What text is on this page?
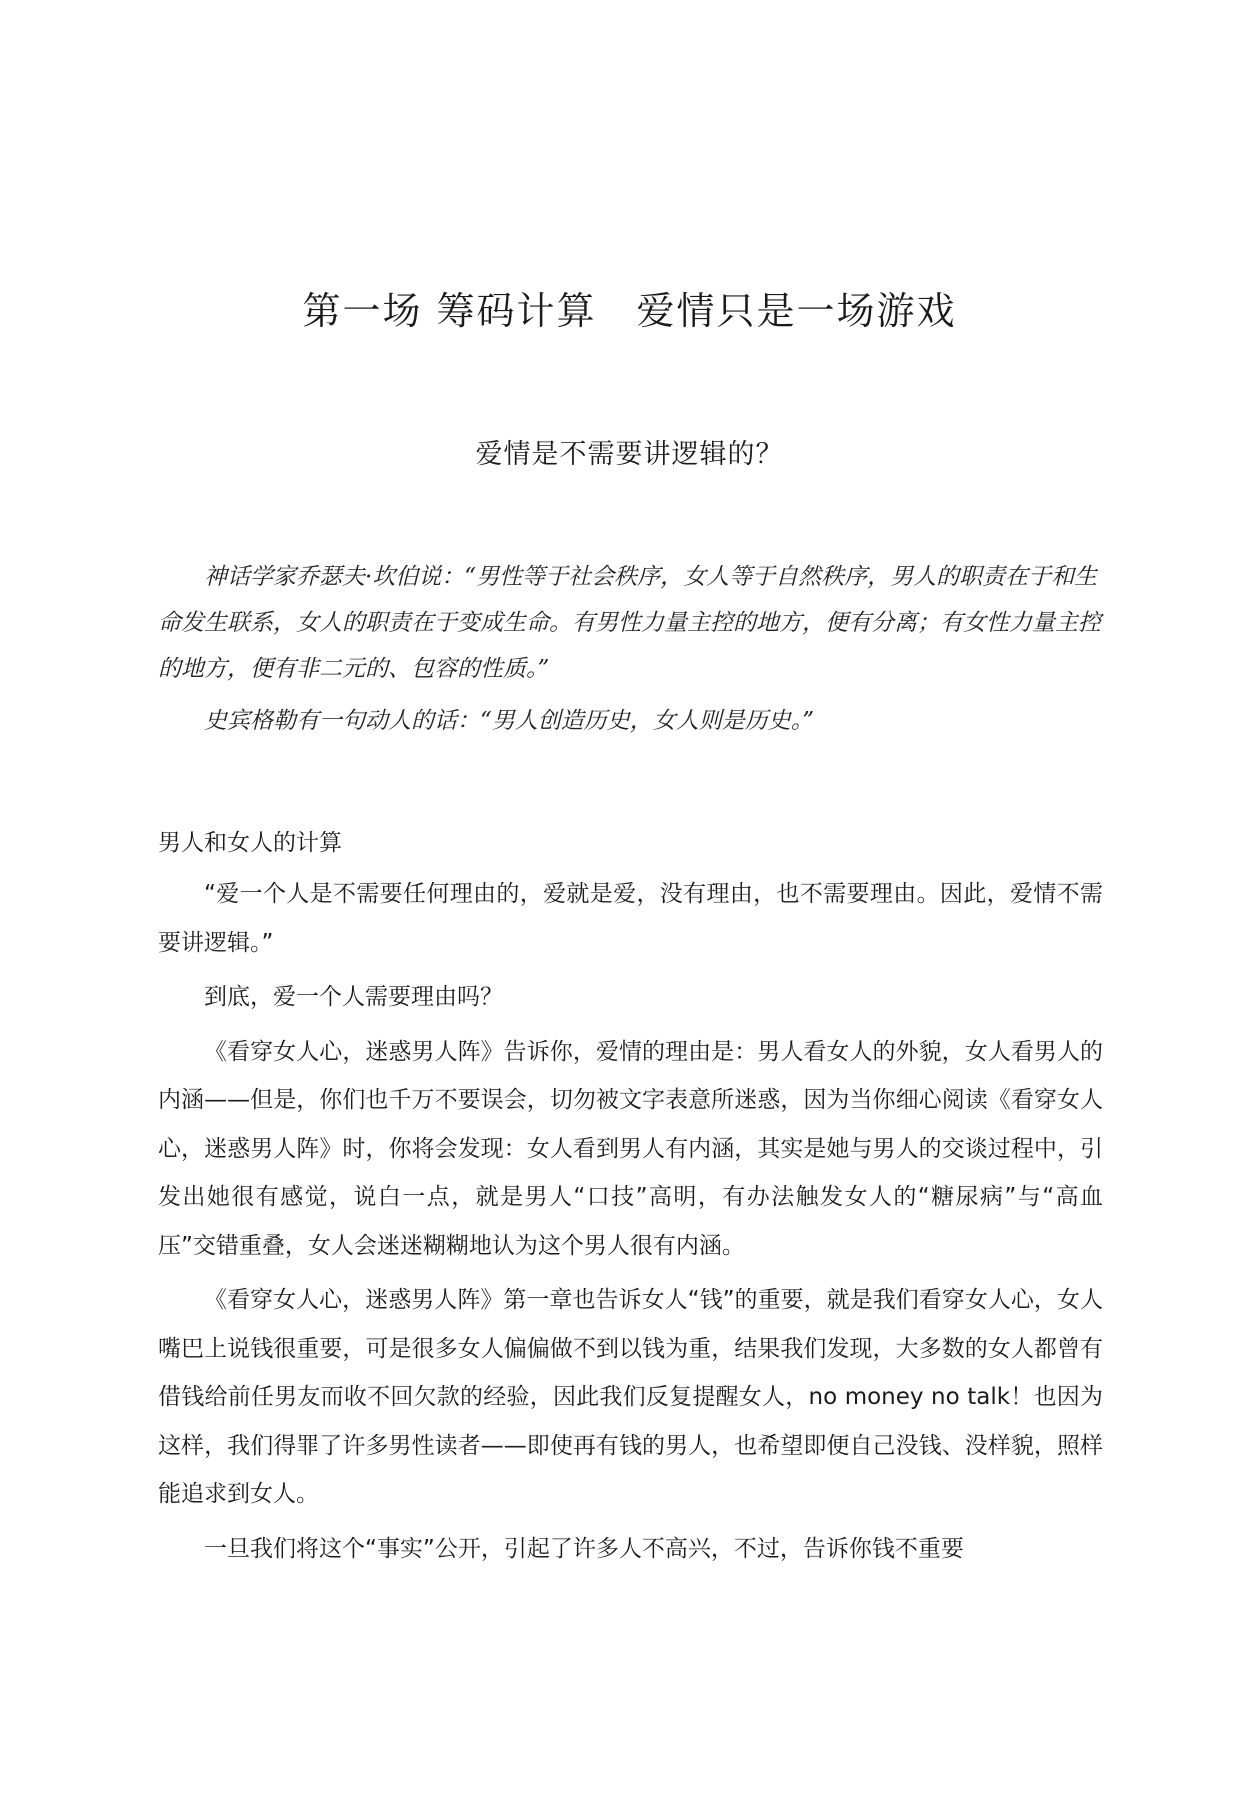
第一场 筹码计算　爱情只是一场游戏
爱情是不需要讲逻辑的？

神话学家乔瑟夫·坎伯说：“男性等于社会秩序，女人等于自然秩序，男人的职责在于和生命发生联系，女人的职责在于变成生命。有男性力量主控的地方，便有分离；有女性力量主控的地方，便有非二元的、包容的性质。”

史宾格勒有一句动人的话：“男人创造历史，女人则是历史。”

男人和女人的计算

“爱一个人是不需要任何理由的，爱就是爱，没有理由，也不需要理由。因此，爱情不需要讲逻辑。”

到底，爱一个人需要理由吗？

《看穿女人心，迷惑男人阵》告诉你，爱情的理由是：男人看女人的外貌，女人看男人的内涵——但是，你们也千万不要误会，切勿被文字表意所迷惑，因为当你细心阅读《看穿女人心，迷惑男人阵》时，你将会发现：女人看到男人有内涵，其实是她与男人的交谈过程中，引发出她很有感觉，说白一点，就是男人“口技”高明，有办法触发女人的“糖尿病”与“高血压”交错重叠，女人会迷迷糊糊地认为这个男人很有内涵。

《看穿女人心，迷惑男人阵》第一章也告诉女人“钱”的重要，就是我们看穿女人心，女人嘴巴上说钱很重要，可是很多女人偏偏做不到以钱为重，结果我们发现，大多数的女人都曾有借钱给前任男友而收不回欠款的经验，因此我们反复提醒女人，no money no talk！也因为这样，我们得罪了许多男性读者——即使再有钱的男人，也希望即便自己没钱、没样貌，照样能追求到女人。

一旦我们将这个“事实”公开，引起了许多人不高兴，不过，告诉你钱不重要
